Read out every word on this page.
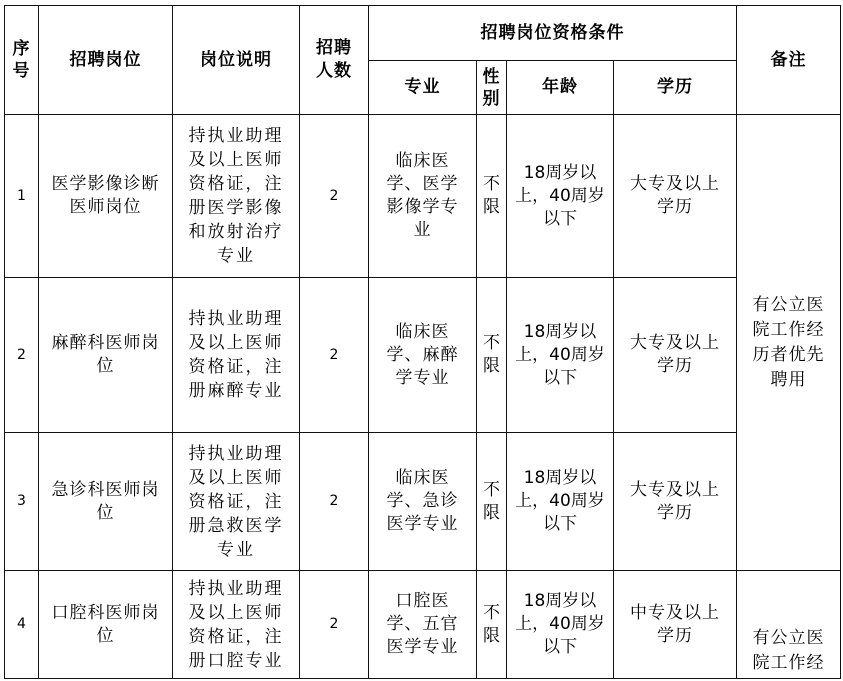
序号	招聘岗位	岗位说明	招聘人数	招聘岗位资格条件				备注
				专业	性别	年龄	学历	
1	医学影像诊断医师岗位	持执业助理及以上医师资格证，注册医学影像和放射治疗专业	2	临床医学、医学影像学专业	不限	18周岁以上，40周岁以下	大专及以上学历	有公立医院工作经历者优先聘用
2	麻醉科医师岗位	持执业助理及以上医师资格证，注册麻醉专业	2	临床医学、麻醉学专业	不限	18周岁以上，40周岁以下	大专及以上学历	
3	急诊科医师岗位	持执业助理及以上医师资格证，注册急救医学专业	2	临床医学、急诊医学专业	不限	18周岁以上，40周岁以下	大专及以上学历	
4	口腔科医师岗位	持执业助理及以上医师资格证，注册口腔专业	2	口腔医学、五官医学专业	不限	18周岁以上，40周岁以下	中专及以上学历	有公立医院工作经
